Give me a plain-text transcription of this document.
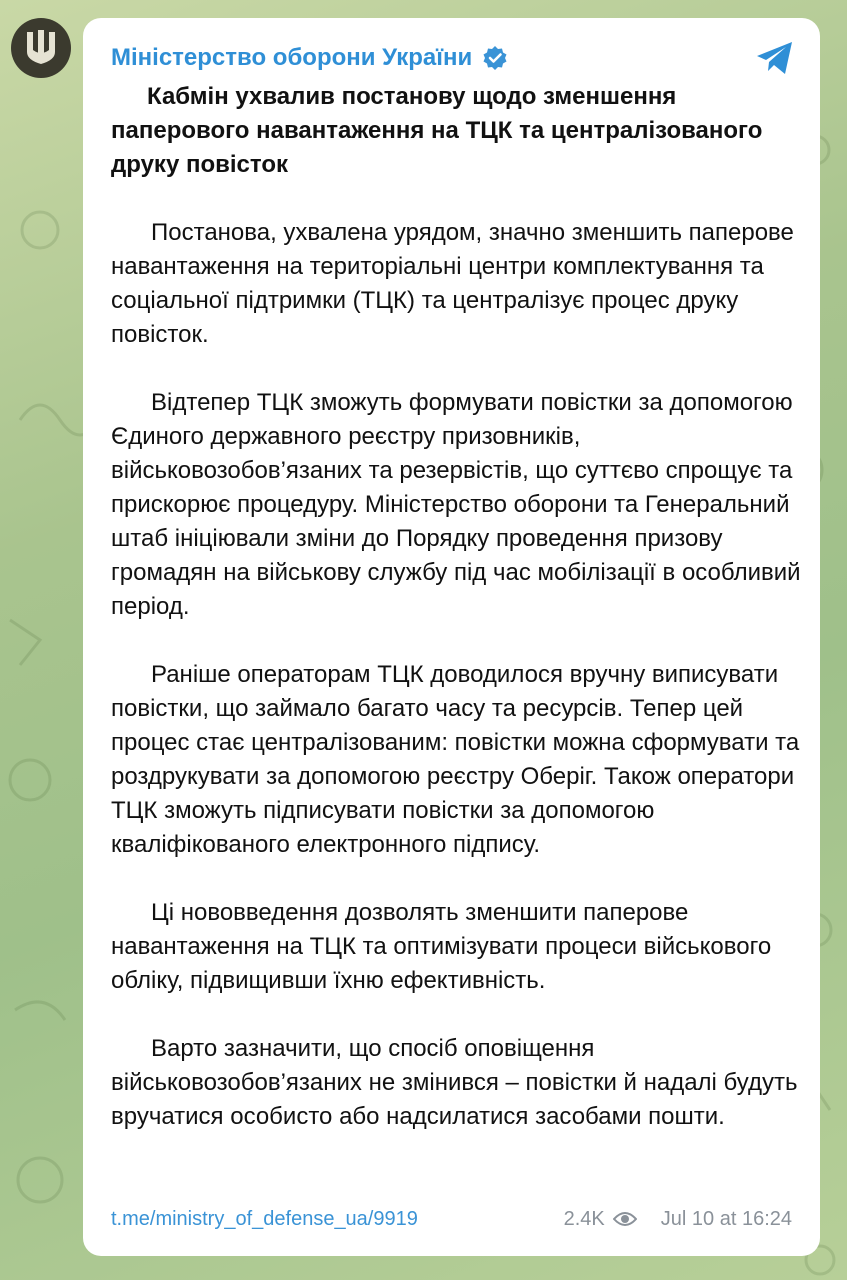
Міністерство оборони України

Кабмін ухвалив постанову щодо зменшення паперового навантаження на ТЦК та централізованого друку повісток

Постанова, ухвалена урядом, значно зменшить паперове навантаження на територіальні центри комплектування та соціальної підтримки (ТЦК) та централізує процес друку повісток.

Відтепер ТЦК зможуть формувати повістки за допомогою Єдиного державного реєстру призовників, військовозобов’язаних та резервістів, що суттєво спрощує та прискорює процедуру. Міністерство оборони та Генеральний штаб ініціювали зміни до Порядку проведення призову громадян на військову службу під час мобілізації в особливий період.

Раніше операторам ТЦК доводилося вручну виписувати повістки, що займало багато часу та ресурсів. Тепер цей процес стає централізованим: повістки можна сформувати та роздрукувати за допомогою реєстру Оберіг. Також оператори ТЦК зможуть підписувати повістки за допомогою кваліфікованого електронного підпису.

Ці нововведення дозволять зменшити паперове навантаження на ТЦК та оптимізувати процеси військового обліку, підвищивши їхню ефективність.

Варто зазначити, що спосіб оповіщення військовозобов’язаних не змінився – повістки й надалі будуть вручатися особисто або надсилатися засобами пошти.

t.me/ministry_of_defense_ua/9919	2.4K	Jul 10 at 16:24
